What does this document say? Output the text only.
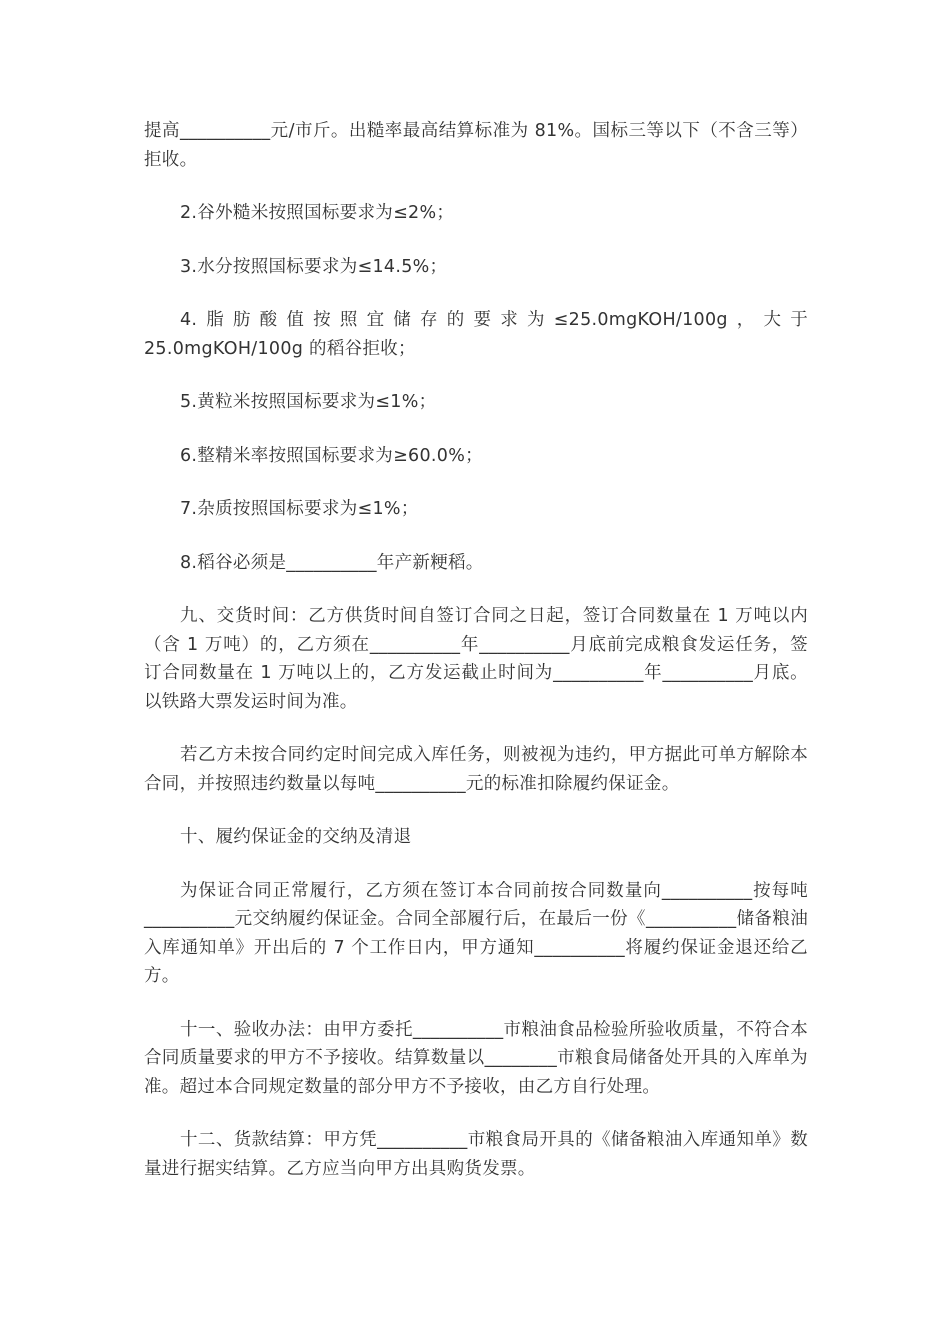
提高__________元/市斤。出糙率最高结算标准为 81%。国标三等以下（不含三等）拒收。

2.谷外糙米按照国标要求为≤2%；

3.水分按照国标要求为≤14.5%；

4.脂肪酸值按照宜储存的要求为≤25.0mgKOH/100g，大于 25.0mgKOH/100g 的稻谷拒收；

5.黄粒米按照国标要求为≤1%；

6.整精米率按照国标要求为≥60.0%；

7.杂质按照国标要求为≤1%；

8.稻谷必须是__________年产新粳稻。

九、交货时间：乙方供货时间自签订合同之日起，签订合同数量在 1 万吨以内（含 1 万吨）的，乙方须在__________年__________月底前完成粮食发运任务，签订合同数量在 1 万吨以上的，乙方发运截止时间为__________年__________月底。以铁路大票发运时间为准。

若乙方未按合同约定时间完成入库任务，则被视为违约，甲方据此可单方解除本合同，并按照违约数量以每吨__________元的标准扣除履约保证金。

十、履约保证金的交纳及清退

为保证合同正常履行，乙方须在签订本合同前按合同数量向__________按每吨__________元交纳履约保证金。合同全部履行后，在最后一份《__________储备粮油入库通知单》开出后的 7 个工作日内，甲方通知__________将履约保证金退还给乙方。

十一、验收办法：由甲方委托__________市粮油食品检验所验收质量，不符合本合同质量要求的甲方不予接收。结算数量以________市粮食局储备处开具的入库单为准。超过本合同规定数量的部分甲方不予接收，由乙方自行处理。

十二、货款结算：甲方凭__________市粮食局开具的《储备粮油入库通知单》数量进行据实结算。乙方应当向甲方出具购货发票。
